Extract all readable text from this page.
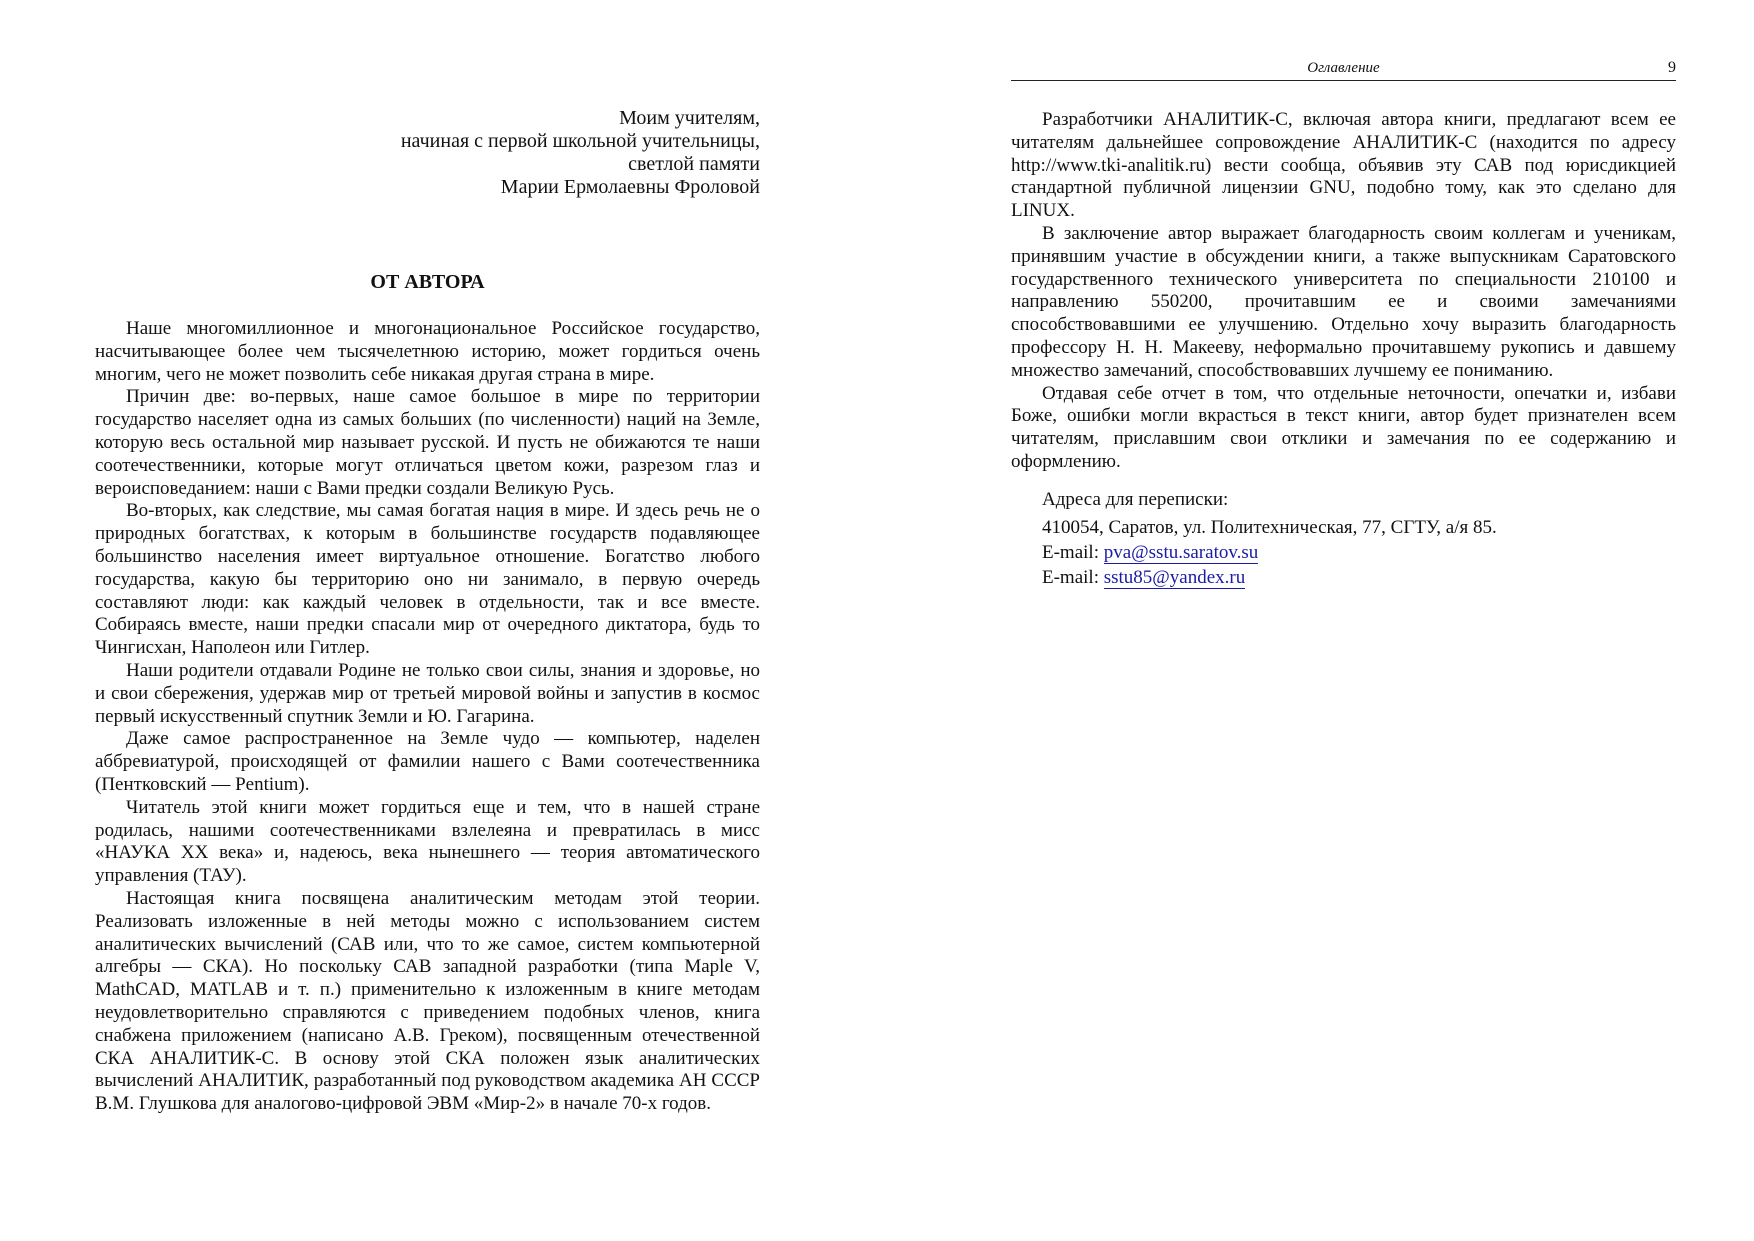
Моим учителям,
начиная с первой школьной учительницы,
светлой памяти
Марии Ермолаевны Фроловой
ОТ АВТОРА

Наше многомиллионное и многонациональное Российское государство, насчитывающее более чем тысячелетнюю историю, может гордиться очень многим, чего не может позволить себе никакая другая страна в мире.

Причин две: во-первых, наше самое большое в мире по территории государство населяет одна из самых больших (по численности) наций на Земле, которую весь остальной мир называет русской. И пусть не обижаются те наши соотечественники, которые могут отличаться цветом кожи, разрезом глаз и вероисповеданием: наши с Вами предки создали Великую Русь.

Во-вторых, как следствие, мы самая богатая нация в мире. И здесь речь не о природных богатствах, к которым в большинстве государств подавляющее большинство населения имеет виртуальное отношение. Богатство любого государства, какую бы территорию оно ни занимало, в первую очередь составляют люди: как каждый человек в отдельности, так и все вместе. Собираясь вместе, наши предки спасали мир от очередного диктатора, будь то Чингисхан, Наполеон или Гитлер.

Наши родители отдавали Родине не только свои силы, знания и здоровье, но и свои сбережения, удержав мир от третьей мировой войны и запустив в космос первый искусственный спутник Земли и Ю. Гагарина.

Даже самое распространенное на Земле чудо — компьютер, наделен аббревиатурой, происходящей от фамилии нашего с Вами соотечественника (Пентковский — Pentium).

Читатель этой книги может гордиться еще и тем, что в нашей стране родилась, нашими соотечественниками взлелеяна и превратилась в мисс «НАУКА XX века» и, надеюсь, века нынешнего — теория автоматического управления (ТАУ).

Настоящая книга посвящена аналитическим методам этой теории. Реализовать изложенные в ней методы можно с использованием систем аналитических вычислений (САВ или, что то же самое, систем компьютерной алгебры — СКА). Но поскольку САВ западной разработки (типа Maple V, MathCAD, MATLAB и т. п.) применительно к изложенным в книге методам неудовлетворительно справляются с приведением подобных членов, книга снабжена приложением (написано А.В. Греком), посвященным отечественной СКА АНАЛИТИК-С. В основу этой СКА положен язык аналитических вычислений АНАЛИТИК, разработанный под руководством академика АН СССР В.М. Глушкова для аналогово-цифровой ЭВМ «Мир-2» в начале 70-х годов.

Оглавление	9

Разработчики АНАЛИТИК-С, включая автора книги, предлагают всем ее читателям дальнейшее сопровождение АНАЛИТИК-С (находится по адресу http://www.tki-analitik.ru) вести сообща, объявив эту САВ под юрисдикцией стандартной публичной лицензии GNU, подобно тому, как это сделано для LINUX.

В заключение автор выражает благодарность своим коллегам и ученикам, принявшим участие в обсуждении книги, а также выпускникам Саратовского государственного технического университета по специальности 210100 и направлению 550200, прочитавшим ее и своими замечаниями способствовавшими ее улучшению. Отдельно хочу выразить благодарность профессору Н. Н. Макееву, неформально прочитавшему рукопись и давшему множество замечаний, способствовавших лучшему ее пониманию.

Отдавая себе отчет в том, что отдельные неточности, опечатки и, избави Боже, ошибки могли вкрасться в текст книги, автор будет признателен всем читателям, приславшим свои отклики и замечания по ее содержанию и оформлению.

Адреса для переписки:
410054, Саратов, ул. Политехническая, 77, СГТУ, а/я 85.
E-mail: pva@sstu.saratov.su
E-mail: sstu85@yandex.ru
